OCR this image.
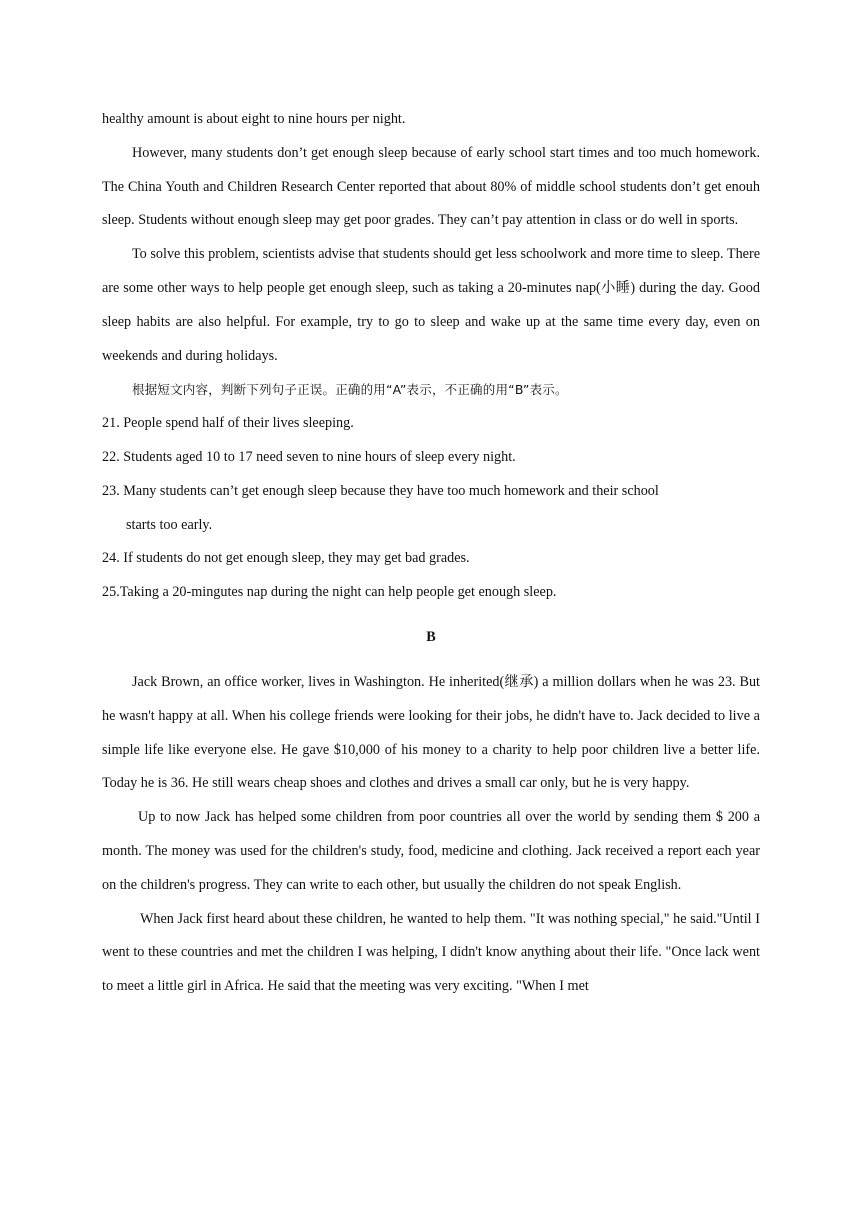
healthy amount is about eight to nine hours per night.

However, many students don’t get enough sleep because of early school start times and too much homework. The China Youth and Children Research Center reported that about 80% of middle school students don’t get enouh sleep. Students without enough sleep may get poor grades. They can’t pay attention in class or do well in sports.

To solve this problem, scientists advise that students should get less schoolwork and more time to sleep. There are some other ways to help people get enough sleep, such as taking a 20-minutes nap(小睡) during the day. Good sleep habits are also helpful. For example, try to go to sleep and wake up at the same time every day, even on weekends and during holidays.

根据短文内容，判断下列句子正误。正确的用“A”表示，不正确的用“B”表示。

21. People spend half of their lives sleeping.

22. Students aged 10 to 17 need seven to nine hours of sleep every night.

23. Many students can’t get enough sleep because they have too much homework and their school

starts too early.

24. If students do not get enough sleep, they may get bad grades.

25.Taking a 20-mingutes nap during the night can help people get enough sleep.

B

Jack Brown, an office worker, lives in Washington. He inherited(继承) a million dollars when he was 23. But he wasn't happy at all. When his college friends were looking for their jobs, he didn't have to. Jack decided to live a simple life like everyone else. He gave $10,000 of his money to a charity to help poor children live a better life. Today he is 36. He still wears cheap shoes and clothes and drives a small car only, but he is very happy.

Up to now Jack has helped some children from poor countries all over the world by sending them $ 200 a month. The money was used for the children's study, food, medicine and clothing. Jack received a report each year on the children's progress. They can write to each other, but usually the children do not speak English.

When Jack first heard about these children, he wanted to help them. "It was nothing special," he said."Until I went to these countries and met the children I was helping, I didn't know anything about their life. "Once lack went to meet a little girl in Africa. He said that the meeting was very exciting. "When I met
